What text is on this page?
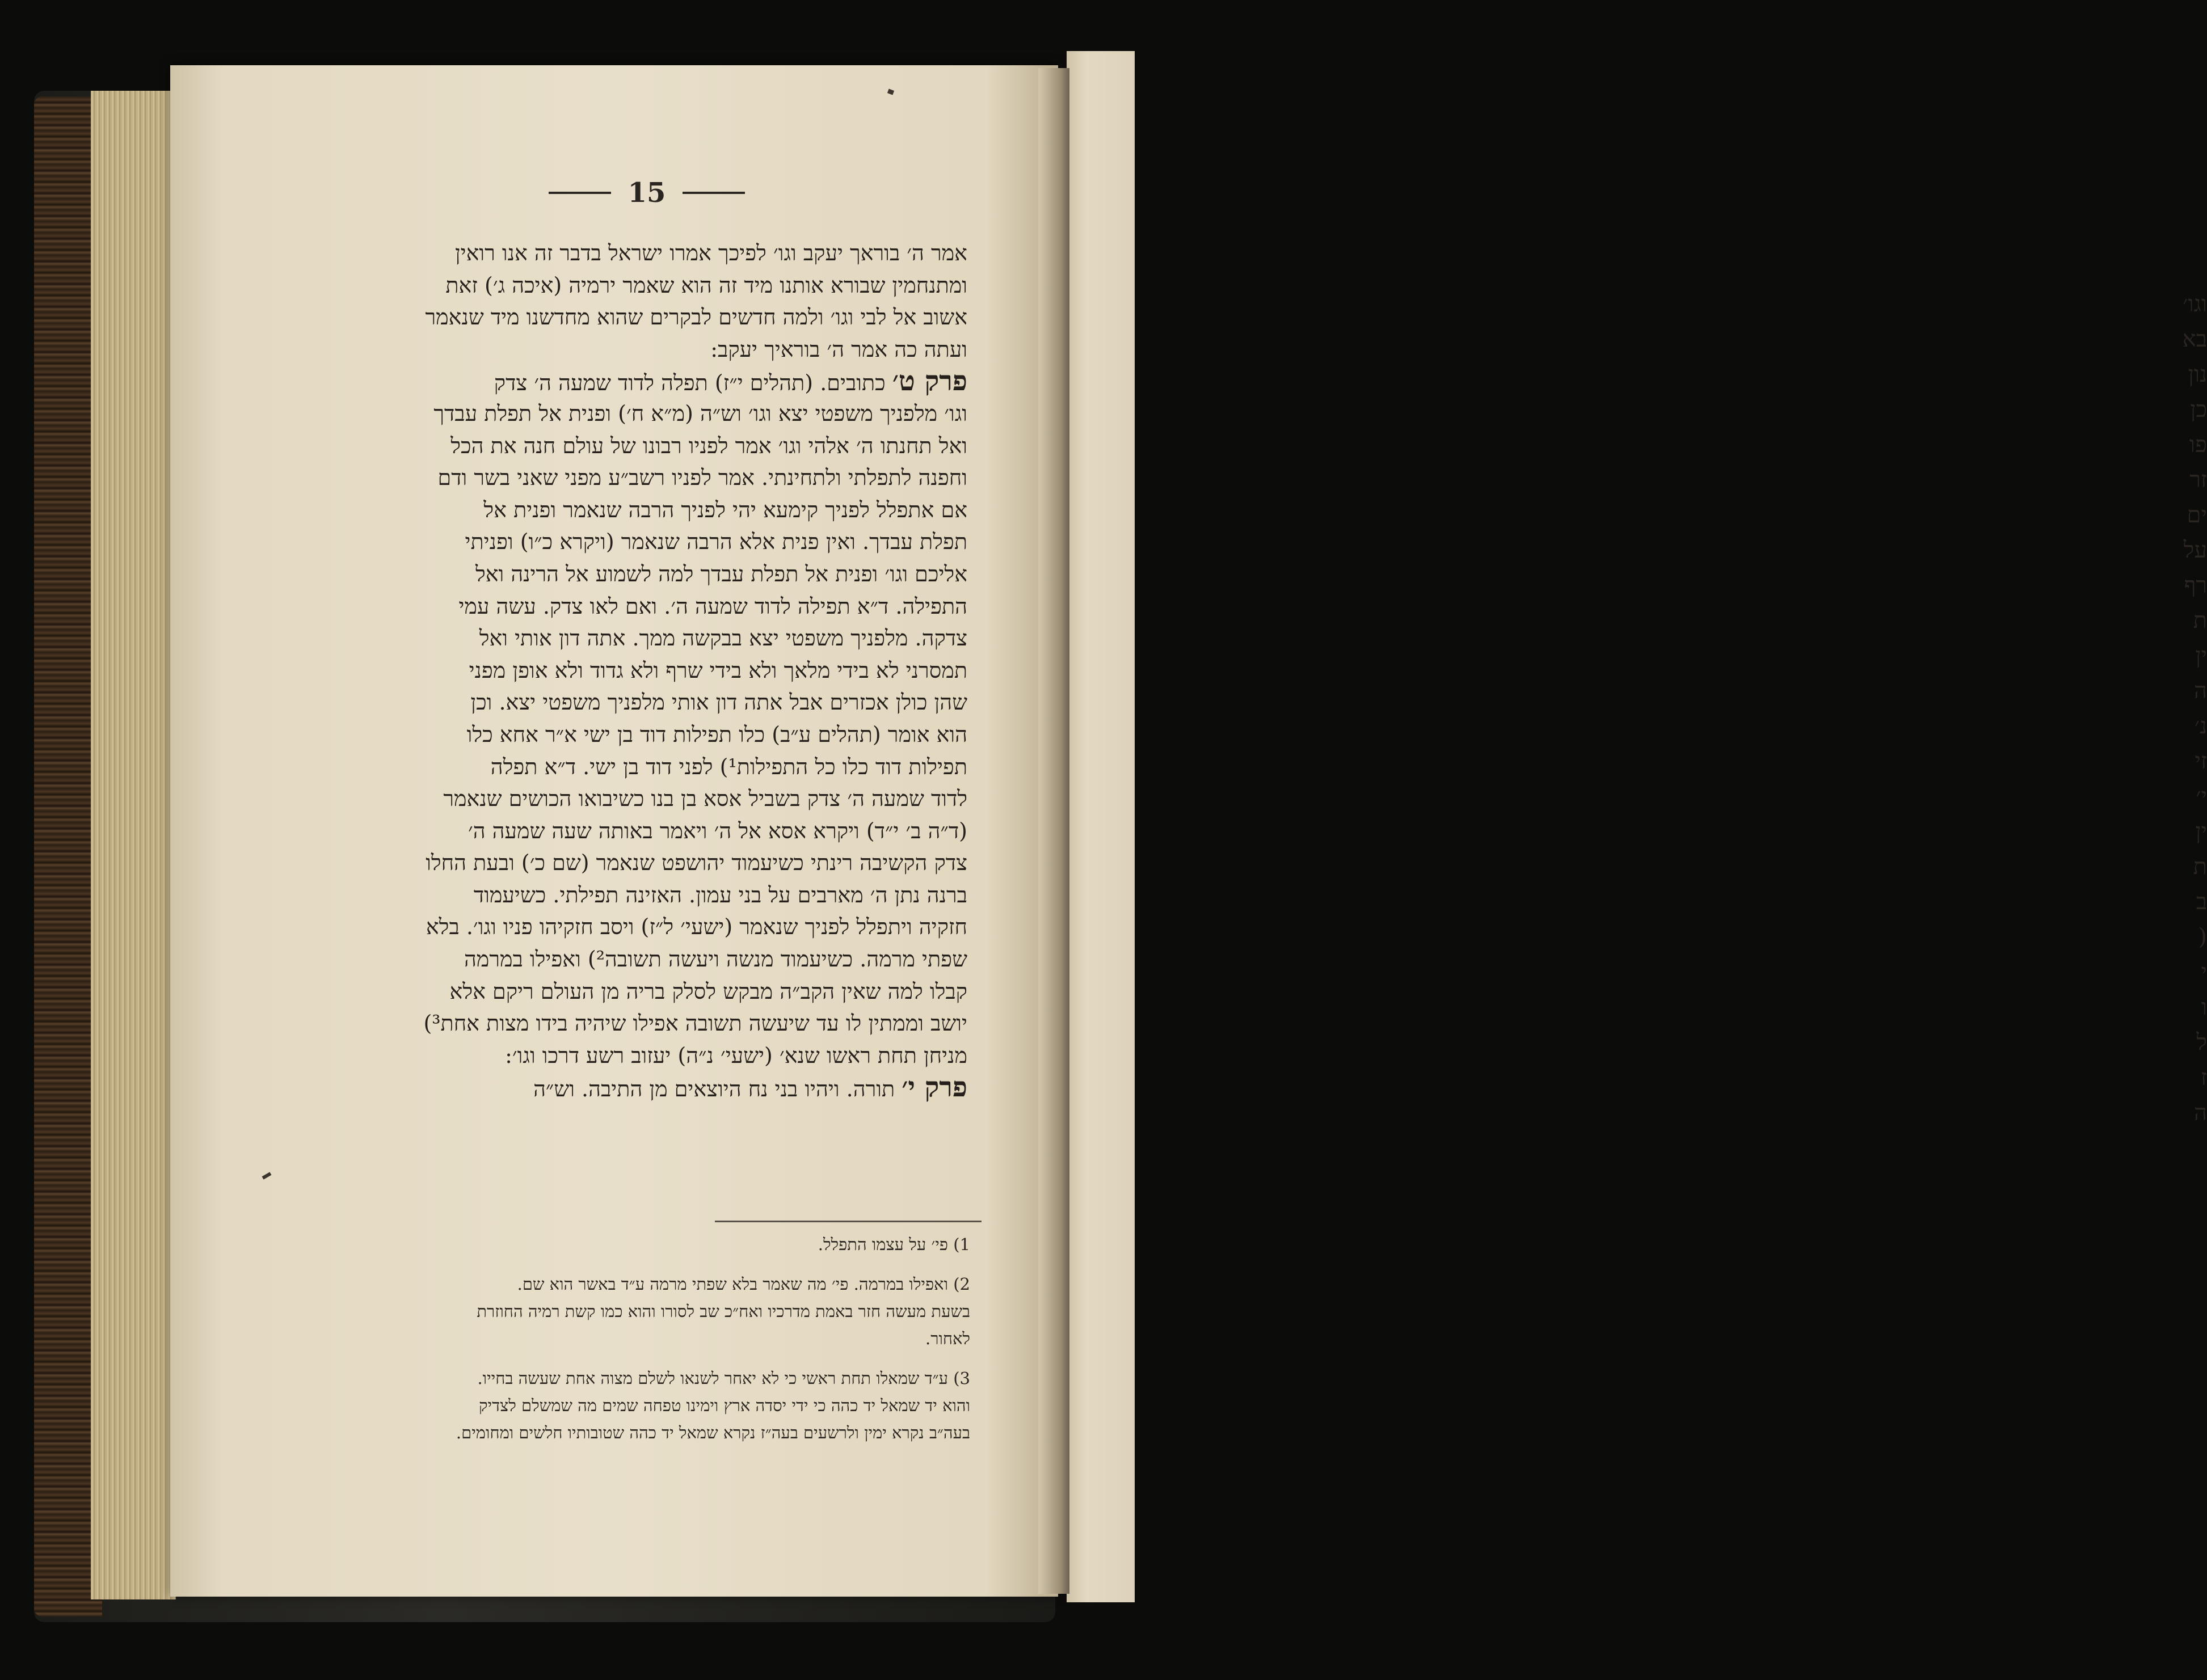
וגו׳
בא
נון
כן
פו
זר
ים
על
רף
ת
ין
ה
נ׳
זי
י׳
ין
ת
ב
(
י
ו
ל
ז
ה
15
אמר ה׳ בוראך יעקב וגו׳ לפיכך אמרו ישראל בדבר זה אנו רואין
ומתנחמין שבורא אותנו מיד זה הוא שאמר ירמיה (איכה ג׳) זאת
אשוב אל לבי וגו׳ ולמה חדשים לבקרים שהוא מחדשנו מיד שנאמר
ועתה כה אמר ה׳ בוראיך יעקב:
פרק ט׳ כתובים. (תהלים י״ז) תפלה לדוד שמעה ה׳ צדק
וגו׳ מלפניך משפטי יצא וגו׳ וש״ה (מ״א ח׳) ופנית אל תפלת עבדך
ואל תחנתו ה׳ אלהי וגו׳ אמר לפניו רבונו של עולם חנה את הכל
וחפנה לתפלתי ולתחינתי. אמר לפניו רשב״ע מפני שאני בשר ודם
אם אתפלל לפניך קימעא יהי לפניך הרבה שנאמר ופנית אל
תפלת עבדך. ואין פנית אלא הרבה שנאמר (ויקרא כ״ו) ופניתי
אליכם וגו׳ ופנית אל תפלת עבדך למה לשמוע אל הרינה ואל
התפילה. ד״א תפילה לדוד שמעה ה׳. ואם לאו צדק. עשה עמי
צדקה. מלפניך משפטי יצא בבקשה ממך. אתה דון אותי ואל
תמסרני לא בידי מלאך ולא בידי שרף ולא גדוד ולא אופן מפני
שהן כולן אכזרים אבל אתה דון אותי מלפניך משפטי יצא. וכן
הוא אומר (תהלים ע״ב) כלו תפילות דוד בן ישי א״ר אחא כלו
תפילות דוד כלו כל התפילות¹) לפני דוד בן ישי. ד״א תפלה
לדוד שמעה ה׳ צדק בשביל אסא בן בנו כשיבואו הכושים שנאמר
(ד״ה ב׳ י״ד) ויקרא אסא אל ה׳ ויאמר באותה שעה שמעה ה׳
צדק הקשיבה רינתי כשיעמוד יהושפט שנאמר (שם כ׳) ובעת החלו
ברנה נתן ה׳ מארבים על בני עמון. האזינה תפילתי. כשיעמוד
חזקיה ויתפלל לפניך שנאמר (ישעי׳ ל״ז) ויסב חזקיהו פניו וגו׳. בלא
שפתי מרמה. כשיעמוד מנשה ויעשה תשובה²) ואפילו במרמה
קבלו למה שאין הקב״ה מבקש לסלק בריה מן העולם ריקם אלא
יושב וממתין לו עד שיעשה תשובה אפילו שיהיה בידו מצות אחת³)
מניחן תחת ראשו שנא׳ (ישעי׳ נ״ה) יעזוב רשע דרכו וגו׳:
פרק י׳ תורה. ויהיו בני נח היוצאים מן התיבה. וש״ה
1) פי׳ על עצמו התפלל.
2) ואפילו במרמה. פי׳ מה שאמר בלא שפתי מרמה ע״ד באשר הוא שם.
בשעת מעשה חזר באמת מדרכיו ואח״כ שב לסורו והוא כמו קשת רמיה החוזרת
לאחור.
3) ע״ד שמאלו תחת ראשי כי לא יאחר לשנאו לשלם מצוה אחת שעשה בחייו.
והוא יד שמאל יד כהה כי ידי יסדה ארץ וימינו טפחה שמים מה שמשלם לצדיק
בעה״ב נקרא ימין ולרשעים בעה״ז נקרא שמאל יד כהה שטובותיו חלשים ומחומים.
